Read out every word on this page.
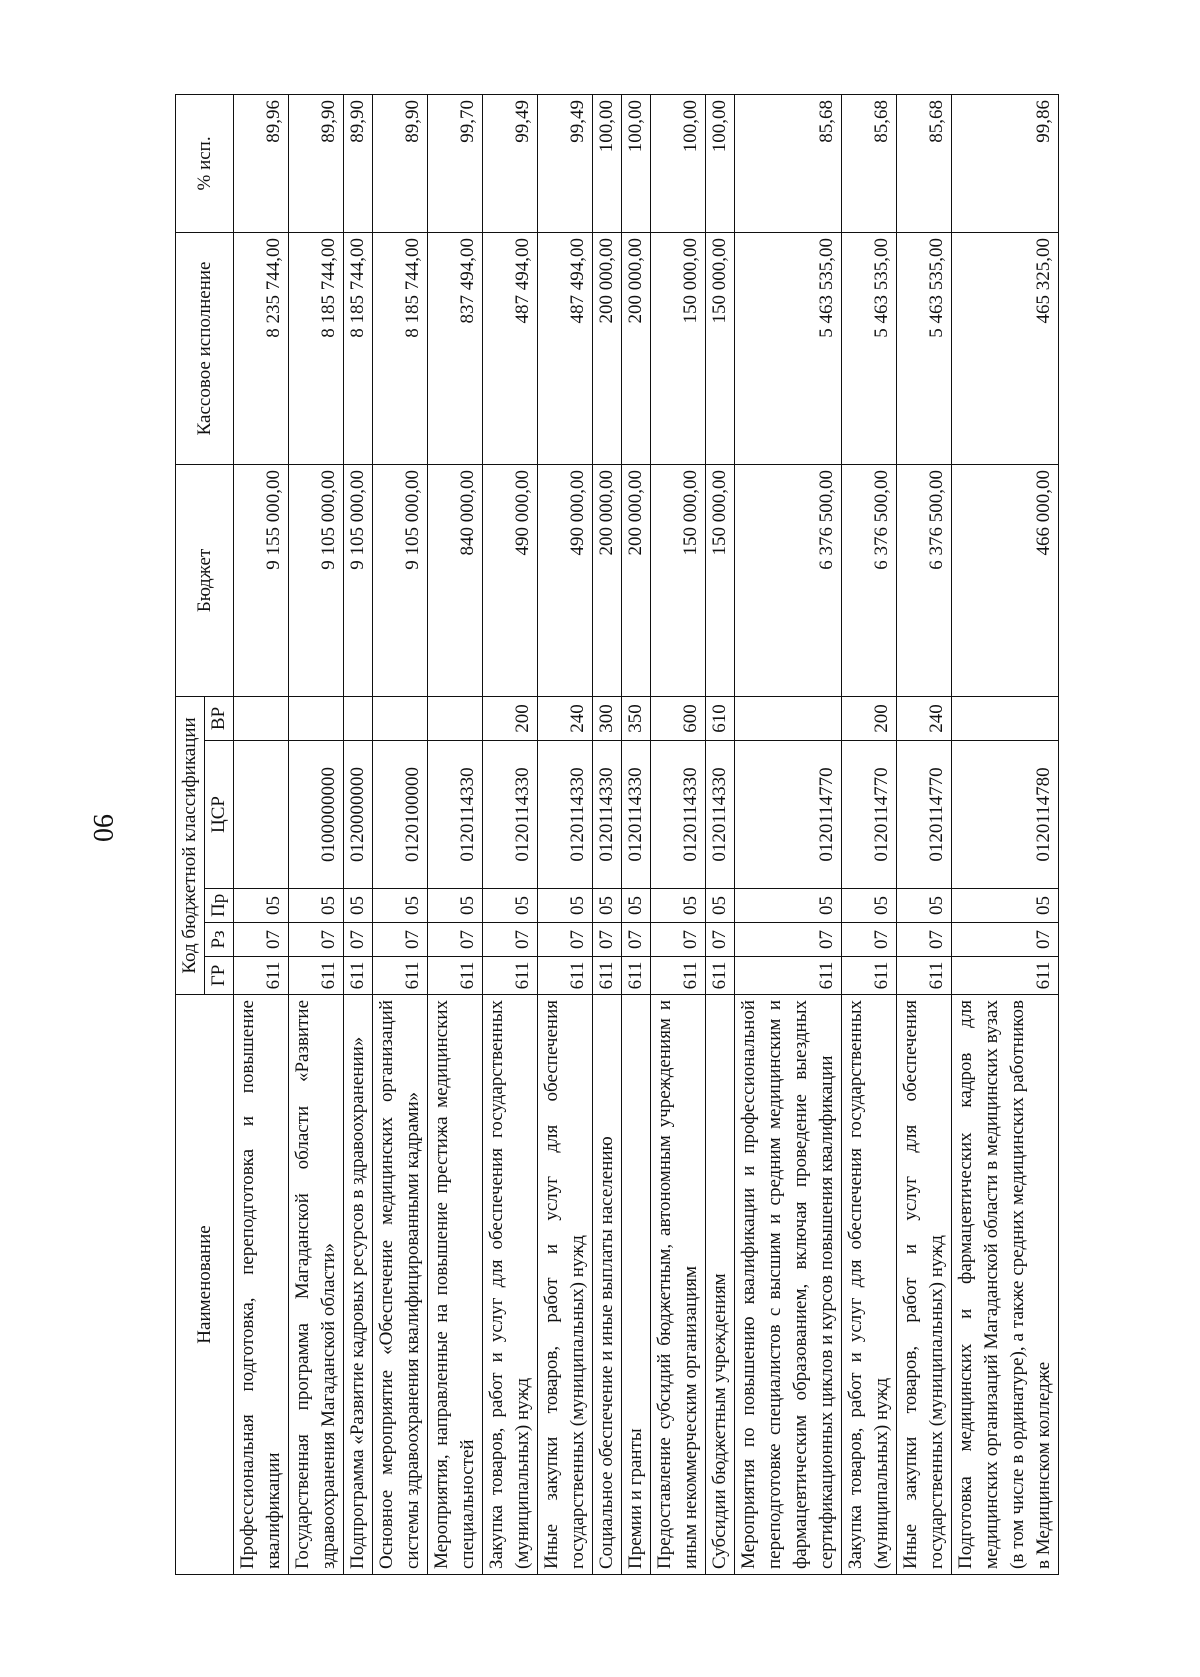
90
Наименование	Код бюджетной классификации					Бюджет	Кассовое исполнение	% исп.
	ГР	Рз	Пр	ЦСР	ВР			
Профессиональная подготовка, переподготовка и повышение квалификации	611	07	05			9 155 000,00	8 235 744,00	89,96
Государственная программа Магаданской области «Развитие здравоохранения Магаданской области»	611	07	05	0100000000		9 105 000,00	8 185 744,00	89,90
Подпрограмма «Развитие кадровых ресурсов в здравоохранении»	611	07	05	0120000000		9 105 000,00	8 185 744,00	89,90
Основное мероприятие «Обеспечение медицинских организаций системы здравоохранения квалифицированными кадрами»	611	07	05	0120100000		9 105 000,00	8 185 744,00	89,90
Мероприятия, направленные на повышение престижа медицинских специальностей	611	07	05	0120114330		840 000,00	837 494,00	99,70
Закупка товаров, работ и услуг для обеспечения государственных (муниципальных) нужд	611	07	05	0120114330	200	490 000,00	487 494,00	99,49
Иные закупки товаров, работ и услуг для обеспечения государственных (муниципальных) нужд	611	07	05	0120114330	240	490 000,00	487 494,00	99,49
Социальное обеспечение и иные выплаты населению	611	07	05	0120114330	300	200 000,00	200 000,00	100,00
Премии и гранты	611	07	05	0120114330	350	200 000,00	200 000,00	100,00
Предоставление субсидий бюджетным, автономным учреждениям и иным некоммерческим организациям	611	07	05	0120114330	600	150 000,00	150 000,00	100,00
Субсидии бюджетным учреждениям	611	07	05	0120114330	610	150 000,00	150 000,00	100,00
Мероприятия по повышению квалификации и профессиональной переподготовке специалистов с высшим и средним медицинским и фармацевтическим образованием, включая проведение выездных сертификационных циклов и курсов повышения квалификации	611	07	05	0120114770		6 376 500,00	5 463 535,00	85,68
Закупка товаров, работ и услуг для обеспечения государственных (муниципальных) нужд	611	07	05	0120114770	200	6 376 500,00	5 463 535,00	85,68
Иные закупки товаров, работ и услуг для обеспечения государственных (муниципальных) нужд	611	07	05	0120114770	240	6 376 500,00	5 463 535,00	85,68
Подготовка медицинских и фармацевтических кадров для медицинских организаций Магаданской области в медицинских вузах (в том числе в ординатуре), а также средних медицинских работников в Медицинском колледже	611	07	05	0120114780		466 000,00	465 325,00	99,86
